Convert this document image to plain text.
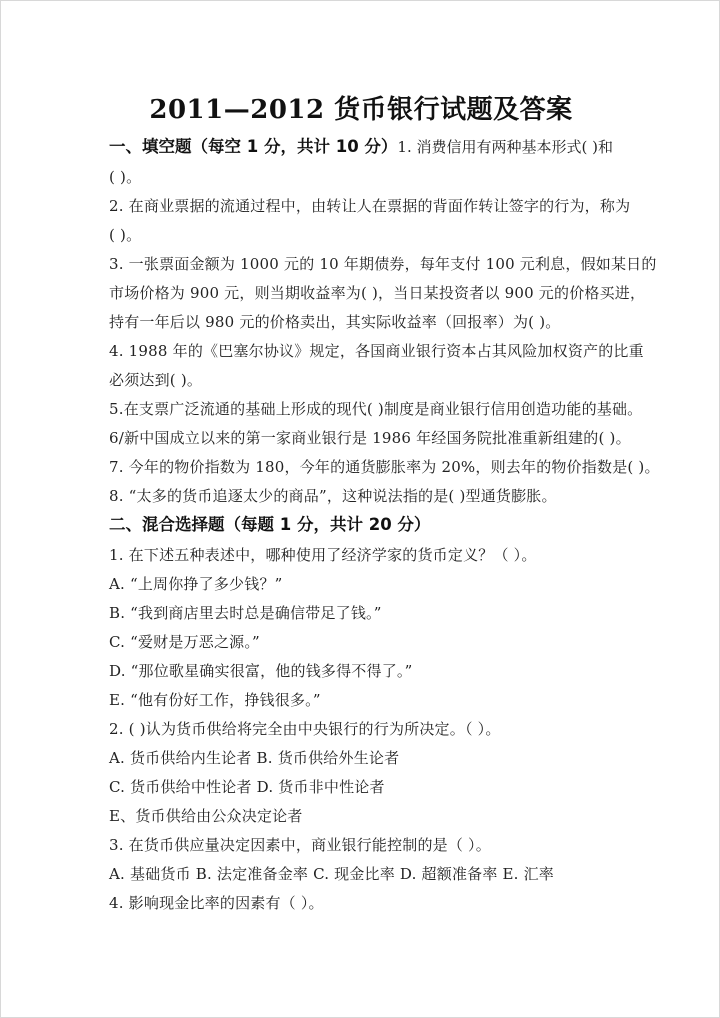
2011—2012 货币银行试题及答案
一、填空题（每空 1 分，共计 10 分）1. 消费信用有两种基本形式( )和
( )。
2. 在商业票据的流通过程中，由转让人在票据的背面作转让签字的行为，称为
( )。
3. 一张票面金额为 1000 元的 10 年期债券，每年支付 100 元利息，假如某日的
市场价格为 900 元，则当期收益率为( )，当日某投资者以 900 元的价格买进，
持有一年后以 980 元的价格卖出，其实际收益率（回报率）为( )。
4. 1988 年的《巴塞尔协议》规定，各国商业银行资本占其风险加权资产的比重
必须达到( )。
5.在支票广泛流通的基础上形成的现代( )制度是商业银行信用创造功能的基础。
6/新中国成立以来的第一家商业银行是 1986 年经国务院批准重新组建的( )。
7. 今年的物价指数为 180，今年的通货膨胀率为 20%，则去年的物价指数是( )。
8. “太多的货币追逐太少的商品”，这种说法指的是( )型通货膨胀。
二、混合选择题（每题 1 分，共计 20 分）
1. 在下述五种表述中，哪种使用了经济学家的货币定义？（ ）。
A. “上周你挣了多少钱？”
B. “我到商店里去时总是确信带足了钱。”
C. “爱财是万恶之源。”
D. “那位歌星确实很富，他的钱多得不得了。”
E. “他有份好工作，挣钱很多。”
2. ( )认为货币供给将完全由中央银行的行为所决定。（ ）。
A. 货币供给内生论者 B. 货币供给外生论者
C. 货币供给中性论者 D. 货币非中性论者
E、货币供给由公众决定论者
3. 在货币供应量决定因素中，商业银行能控制的是（ ）。
A. 基础货币 B. 法定准备金率 C. 现金比率 D. 超额准备率 E. 汇率
4. 影响现金比率的因素有（ ）。
